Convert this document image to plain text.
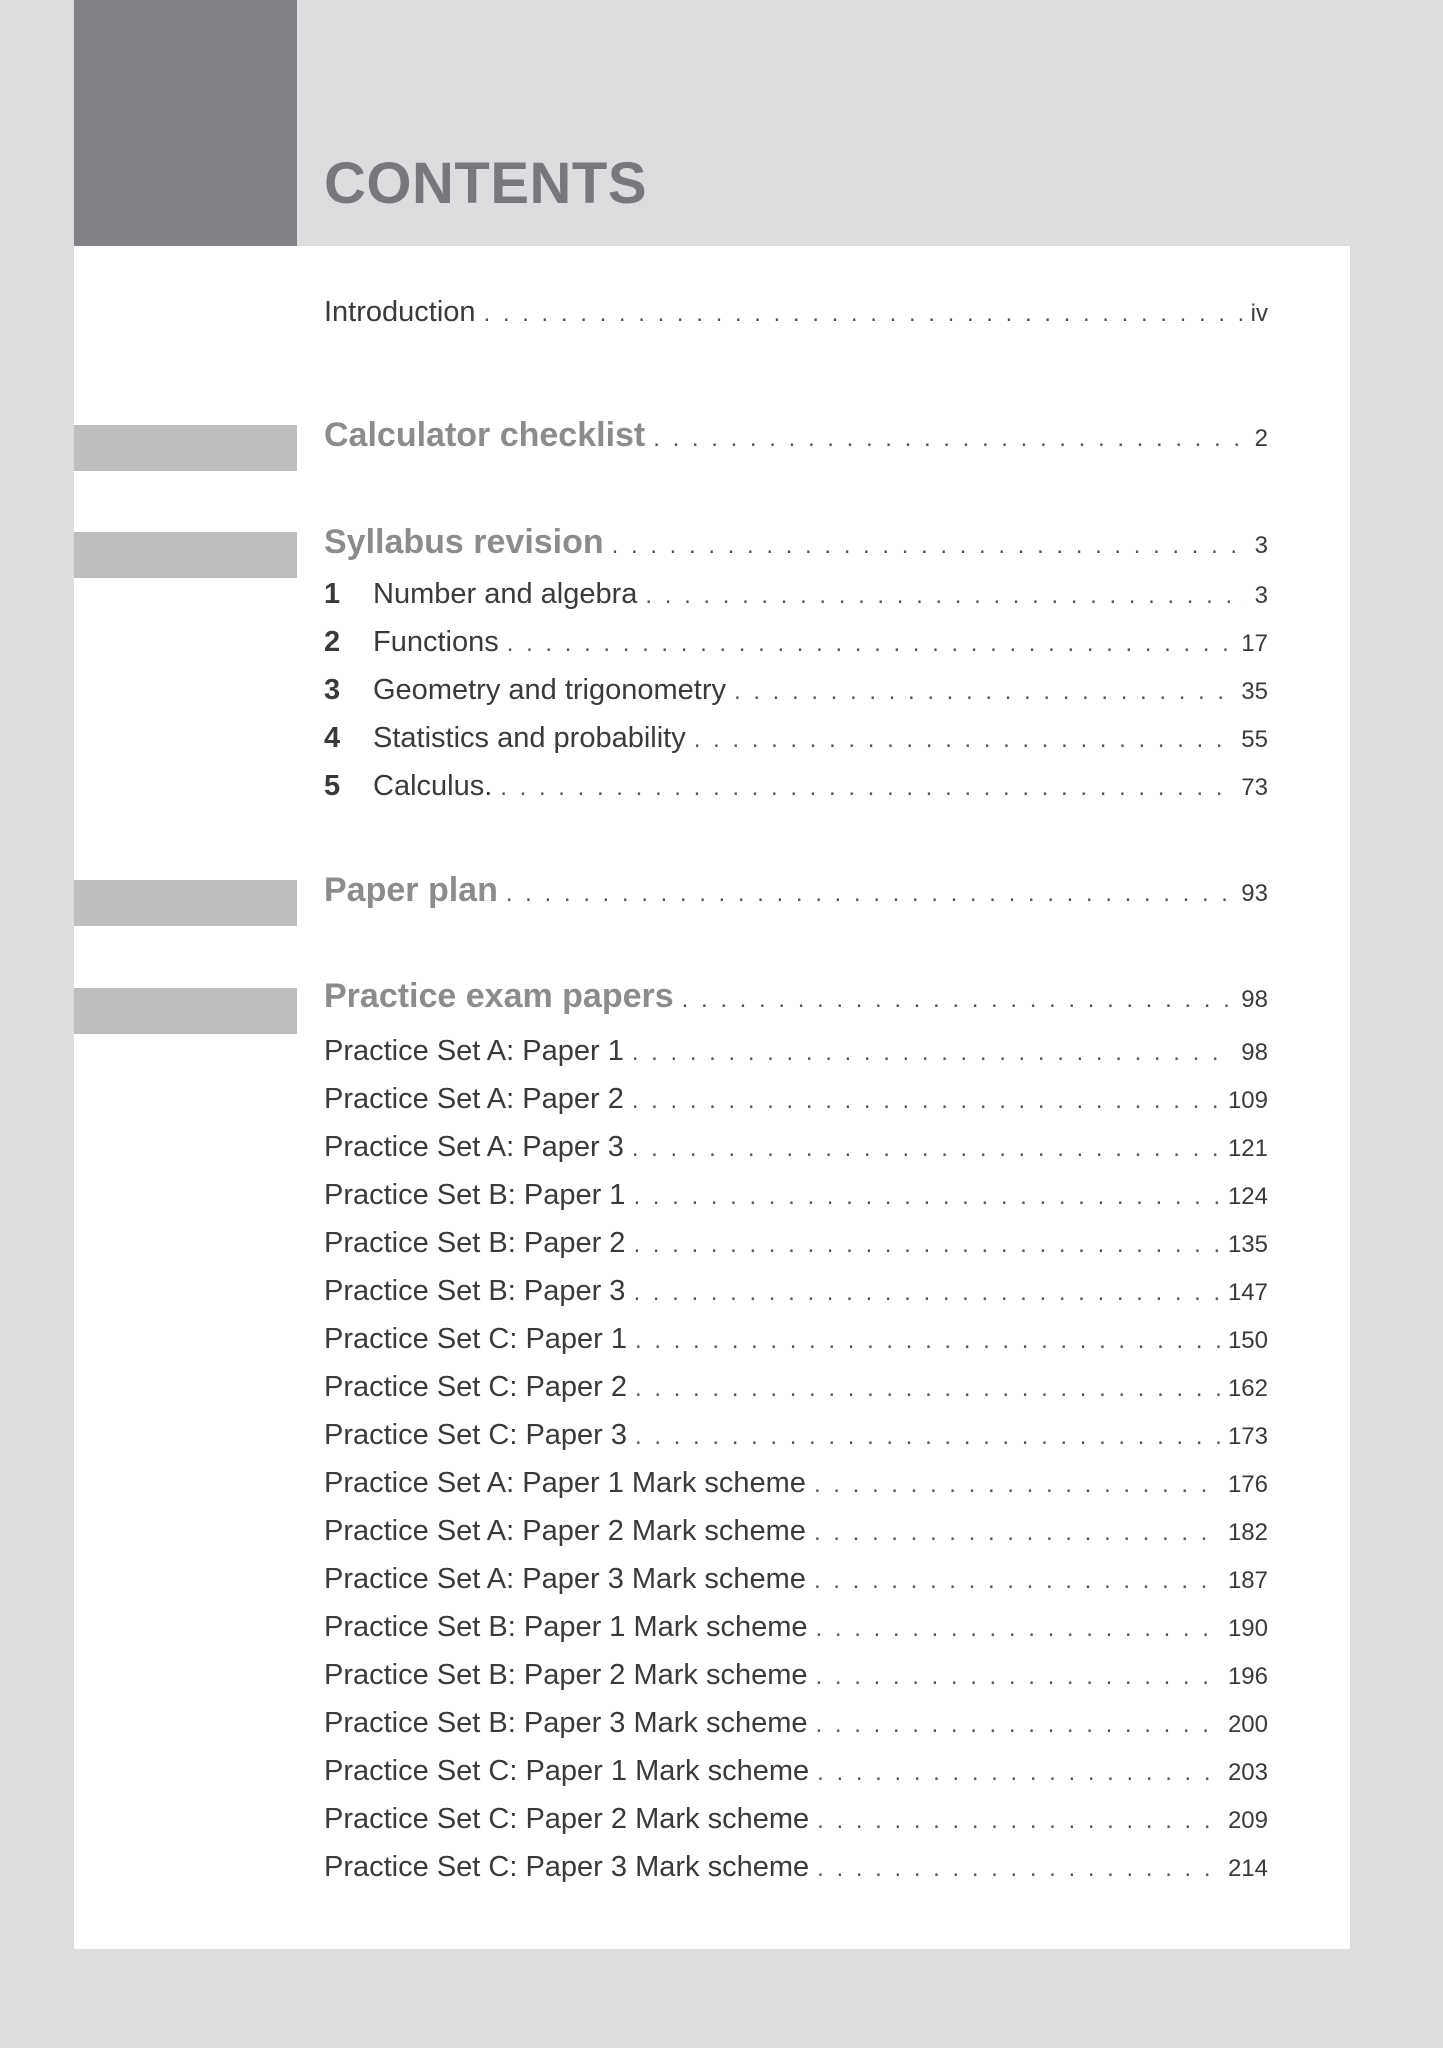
CONTENTS
Introduction . . .	iv
Calculator checklist . . .	2
Syllabus revision . . .	3
1	Number and algebra . . .	3
2	Functions . . .	17
3	Geometry and trigonometry . . .	35
4	Statistics and probability . . .	55
5	Calculus. . . .	73
Paper plan . . .	93
Practice exam papers . . .	98
Practice Set A: Paper 1 . . .	98
Practice Set A: Paper 2 . . .	109
Practice Set A: Paper 3 . . .	121
Practice Set B: Paper 1 . . .	124
Practice Set B: Paper 2 . . .	135
Practice Set B: Paper 3 . . .	147
Practice Set C: Paper 1 . . .	150
Practice Set C: Paper 2 . . .	162
Practice Set C: Paper 3 . . .	173
Practice Set A: Paper 1 Mark scheme . . .	176
Practice Set A: Paper 2 Mark scheme . . .	182
Practice Set A: Paper 3 Mark scheme . . .	187
Practice Set B: Paper 1 Mark scheme . . .	190
Practice Set B: Paper 2 Mark scheme . . .	196
Practice Set B: Paper 3 Mark scheme . . .	200
Practice Set C: Paper 1 Mark scheme . . .	203
Practice Set C: Paper 2 Mark scheme . . .	209
Practice Set C: Paper 3 Mark scheme . . .	214
